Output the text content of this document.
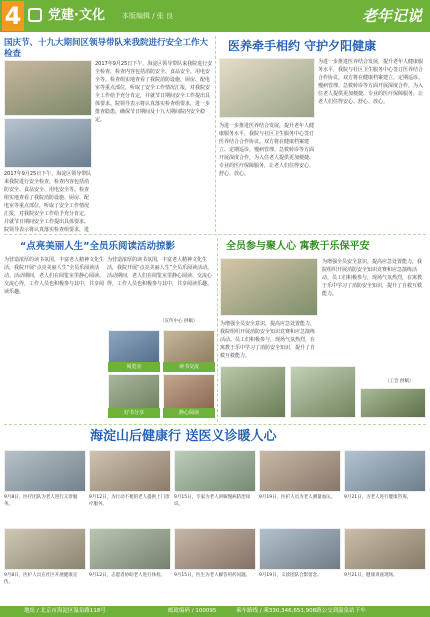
4 党建·文化 本版编辑 / 张 良	老年记说
国庆节、十九大期间区领导带队来我院进行安全工作大检查
2017年9月25日下午，海淀区领导带队来我院进行安全检查，检查内容包括消防安全、食品安全、用电安全等。检查组实地查看了我院消防设施、厨房、配电室等重点部位，听取了安全工作情况汇报，对我院安全工作给予充分肯定，并就节日期间安全工作提出具体要求。院领导表示将认真落实检查组要求，进
2017年9月25日下午，海淀区领导带队来我院进行安全检查，检查内容包括消防安全、食品安全、用电安全等。检查组实地查看了我院消防设施、厨房、配电室等重点部位，听取了安全工作情况汇报，对我院安全工作给予充分肯定，并就节日期间安全工作提出具体要求。院领导表示将认真落实检查组要求，进一步排查隐患，确保节日期间及十九大期间院内安全稳定。
医养牵手相约 守护夕阳健康
为进一步推进医养结合发展，提升老年人健康服务水平，我院与社区卫生服务中心签订医养结合合作协议。双方将在健康档案建立、定期巡诊、慢病管理、急救转诊等方面开展深度合作，为入住老人提供更加便捷、专业的医疗保障服务，让老人们住得安心、舒心、放心。
为进一步推进医养结合发展，提升老年人健康服务水平，我院与社区卫生服务中心签订医养结合合作协议。双方将在健康档案建立、定期巡诊、慢病管理、急救转诊等方面开展深度合作，为入住老人提供更加便捷、专业的医疗保障服务，让老人们住得安心、舒心、放心。
“点亮美丽人生”全员乐阅读活动掠影
为营造浓厚的读书氛围，丰富老人精神文化生活，我院开展“点亮美丽人生”全员乐阅读活动。活动期间，老人们在阅览室里静心阅读、交流心得，工作人员也积极参与其中，共享阅读乐趣。
为营造浓厚的读书氛围，丰富老人精神文化生活，我院开展“点亮美丽人生”全员乐阅读活动。活动期间，老人们在阅览室里静心阅读、交流心得，工作人员也积极参与其中，共享阅读乐趣。
（宣传中心 供稿）
阅览室	读书交流
好书分享	静心阅读
全员参与聚人心 寓教于乐保平安
为增强全员安全意识，提高应急处置能力，我院组织开展消防安全知识竞赛和应急演练活动。员工们积极参与，现场气氛热烈，在寓教于乐中学习了消防安全知识，提升了自救互救能力。
为增强全员安全意识，提高应急处置能力，我院组织开展消防安全知识竞赛和应急演练活动。员工们积极参与，现场气氛热烈，在寓教于乐中学习了消防安全知识，提升了自救互救能力。
（工会 供稿）
海淀山后健康行 送医义诊暖人心
9月8日，医疗团队为老人进行义诊服务。
9月12日，为行动不便的老人提供上门诊疗服务。
9月15日，专家为老人讲解慢病防治知识。
9月19日，医护人员为老人测量血压。	9月21日，为老人进行健康咨询。
9月8日，医护人员在社区开展健康宣传。
9月12日，志愿者协助老人进行体检。	9月15日，医生为老人解答用药问题。	9月19日，义诊团队合影留念。	9月21日，健康讲座现场。
地址 / 北京市海淀区温泉路118号	邮政编码 / 100095	乘车路线 / 乘330,346,651,908路公交到温泉站下车
